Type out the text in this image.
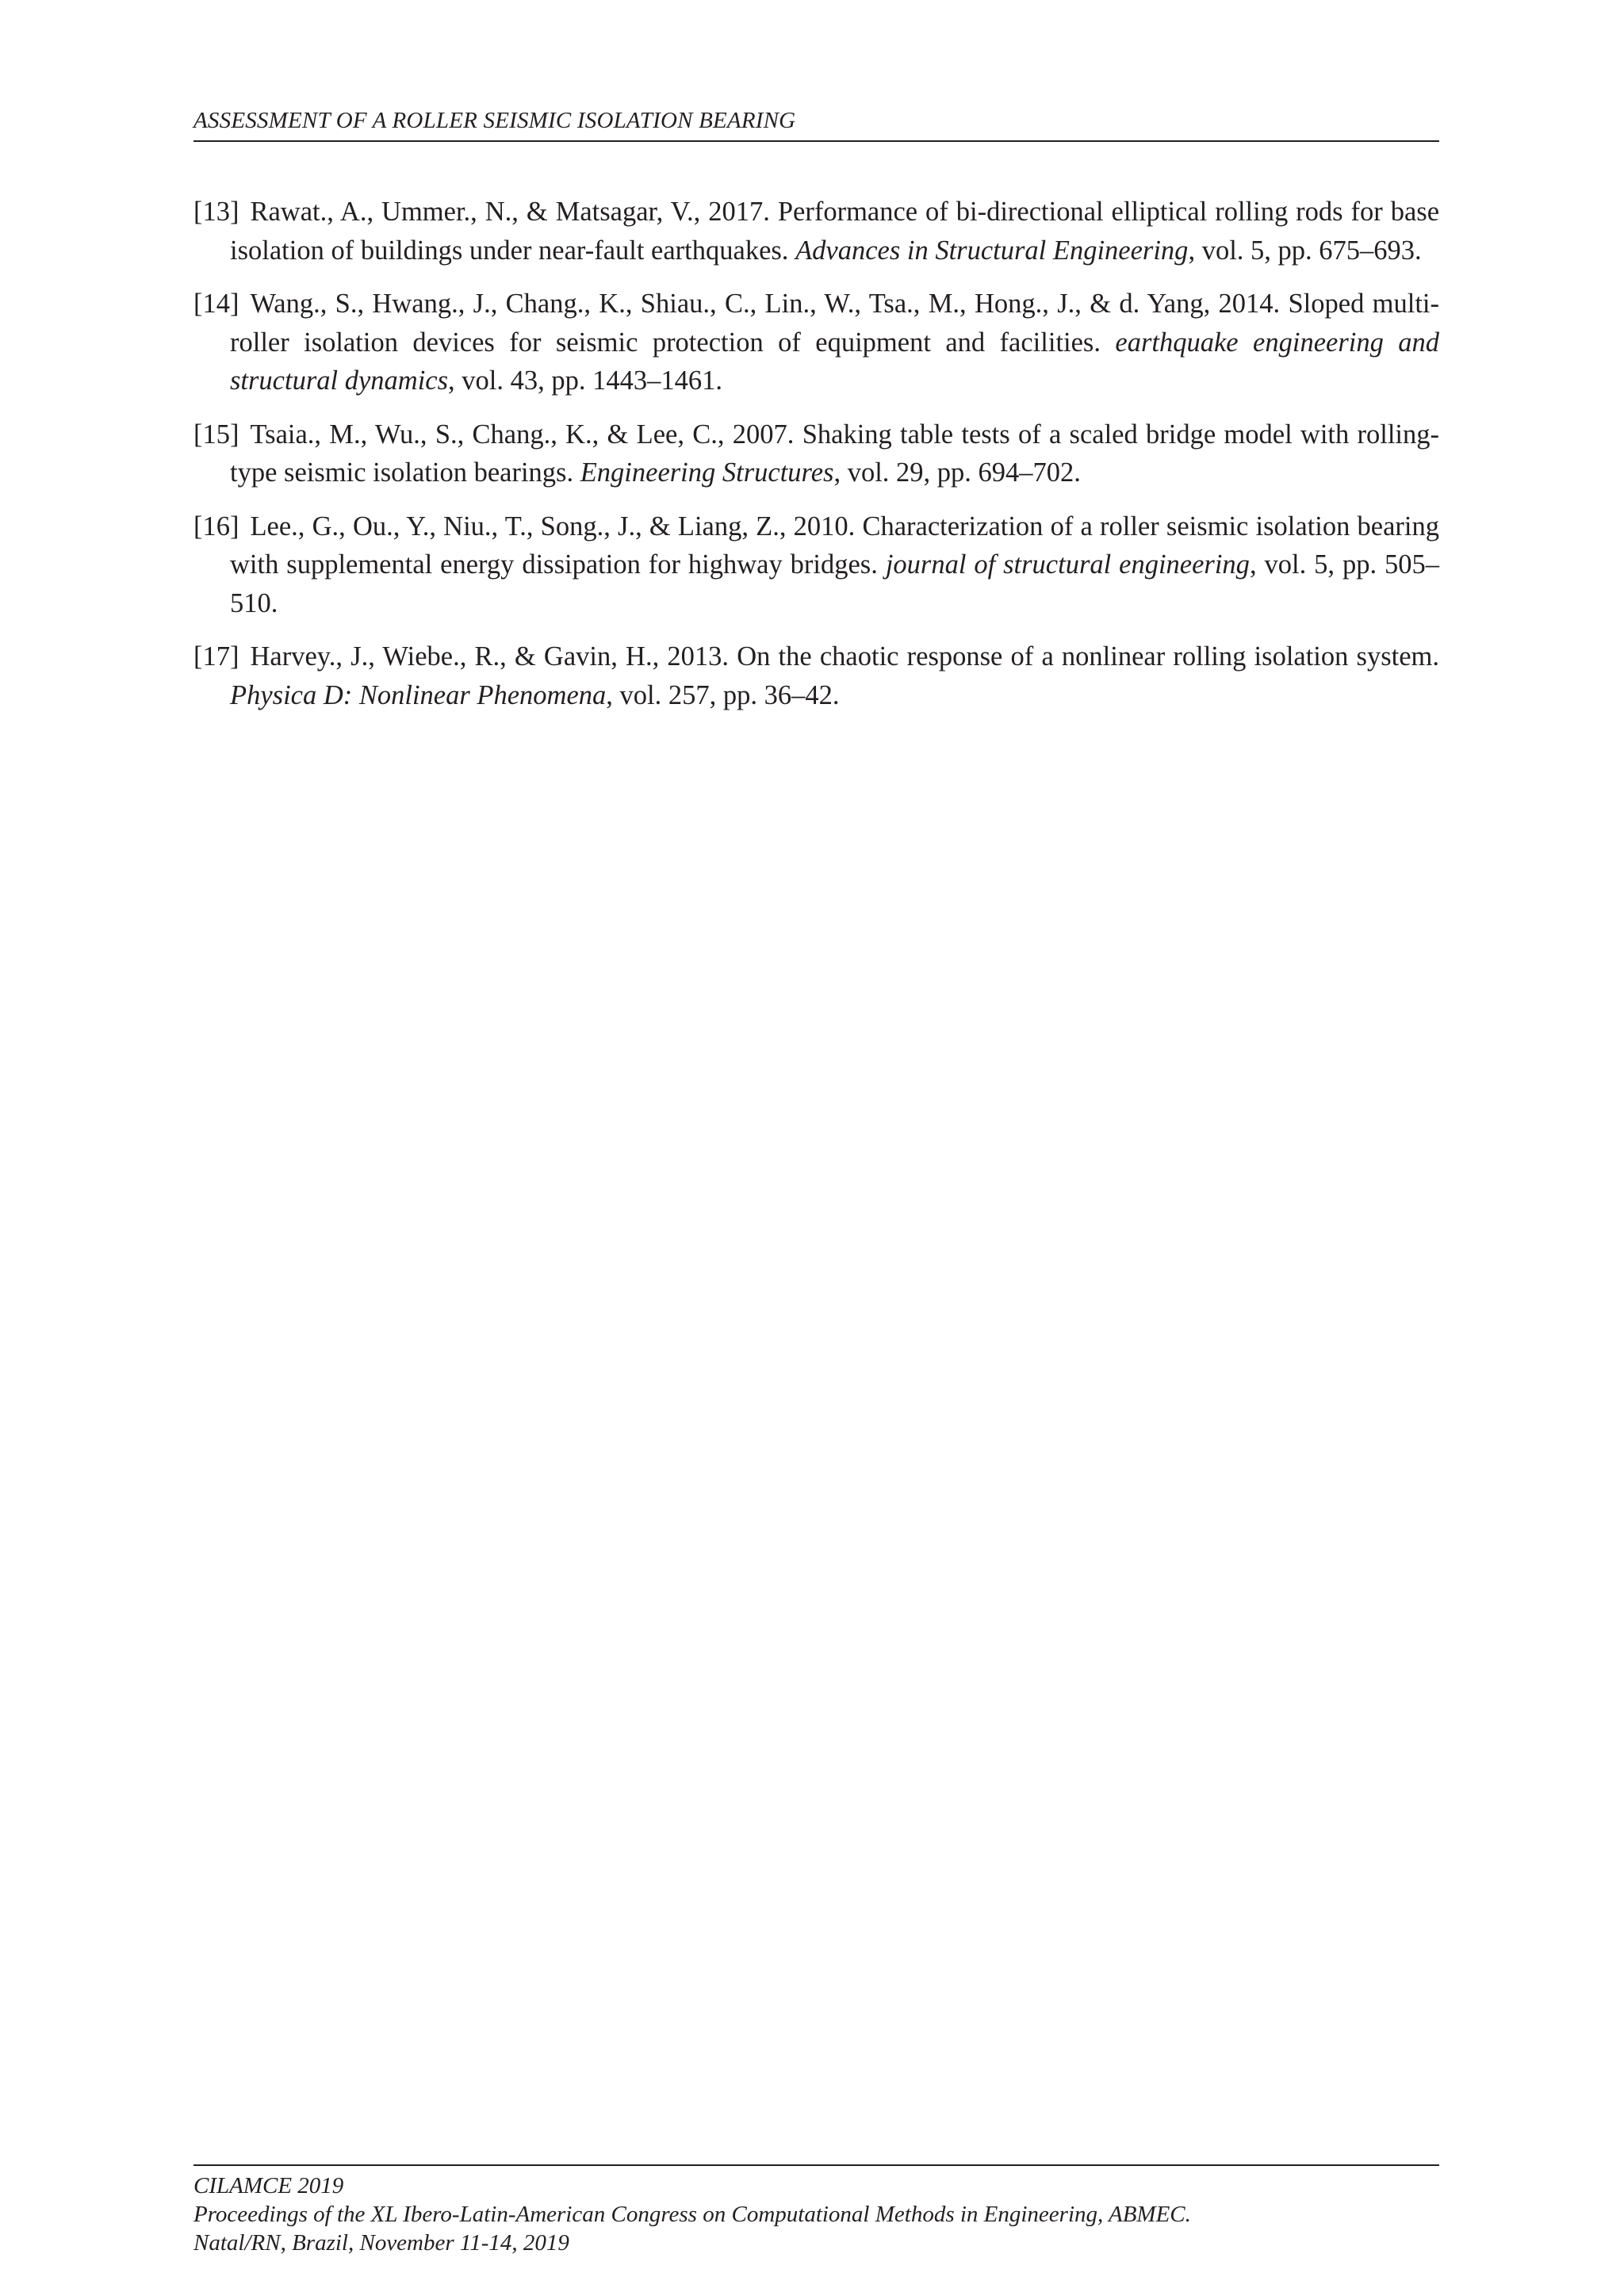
ASSESSMENT OF A ROLLER SEISMIC ISOLATION BEARING

[13] Rawat., A., Ummer., N., & Matsagar, V., 2017. Performance of bi-directional elliptical rolling rods for base isolation of buildings under near-fault earthquakes. Advances in Structural Engineering, vol. 5, pp. 675–693.

[14] Wang., S., Hwang., J., Chang., K., Shiau., C., Lin., W., Tsa., M., Hong., J., & d. Yang, 2014. Sloped multi-roller isolation devices for seismic protection of equipment and facilities. earthquake engineering and structural dynamics, vol. 43, pp. 1443–1461.

[15] Tsaia., M., Wu., S., Chang., K., & Lee, C., 2007. Shaking table tests of a scaled bridge model with rolling-type seismic isolation bearings. Engineering Structures, vol. 29, pp. 694–702.

[16] Lee., G., Ou., Y., Niu., T., Song., J., & Liang, Z., 2010. Characterization of a roller seismic isolation bearing with supplemental energy dissipation for highway bridges. journal of structural engineering, vol. 5, pp. 505–510.

[17] Harvey., J., Wiebe., R., & Gavin, H., 2013. On the chaotic response of a nonlinear rolling isolation system. Physica D: Nonlinear Phenomena, vol. 257, pp. 36–42.

CILAMCE 2019
Proceedings of the XL Ibero-Latin-American Congress on Computational Methods in Engineering, ABMEC.
Natal/RN, Brazil, November 11-14, 2019
